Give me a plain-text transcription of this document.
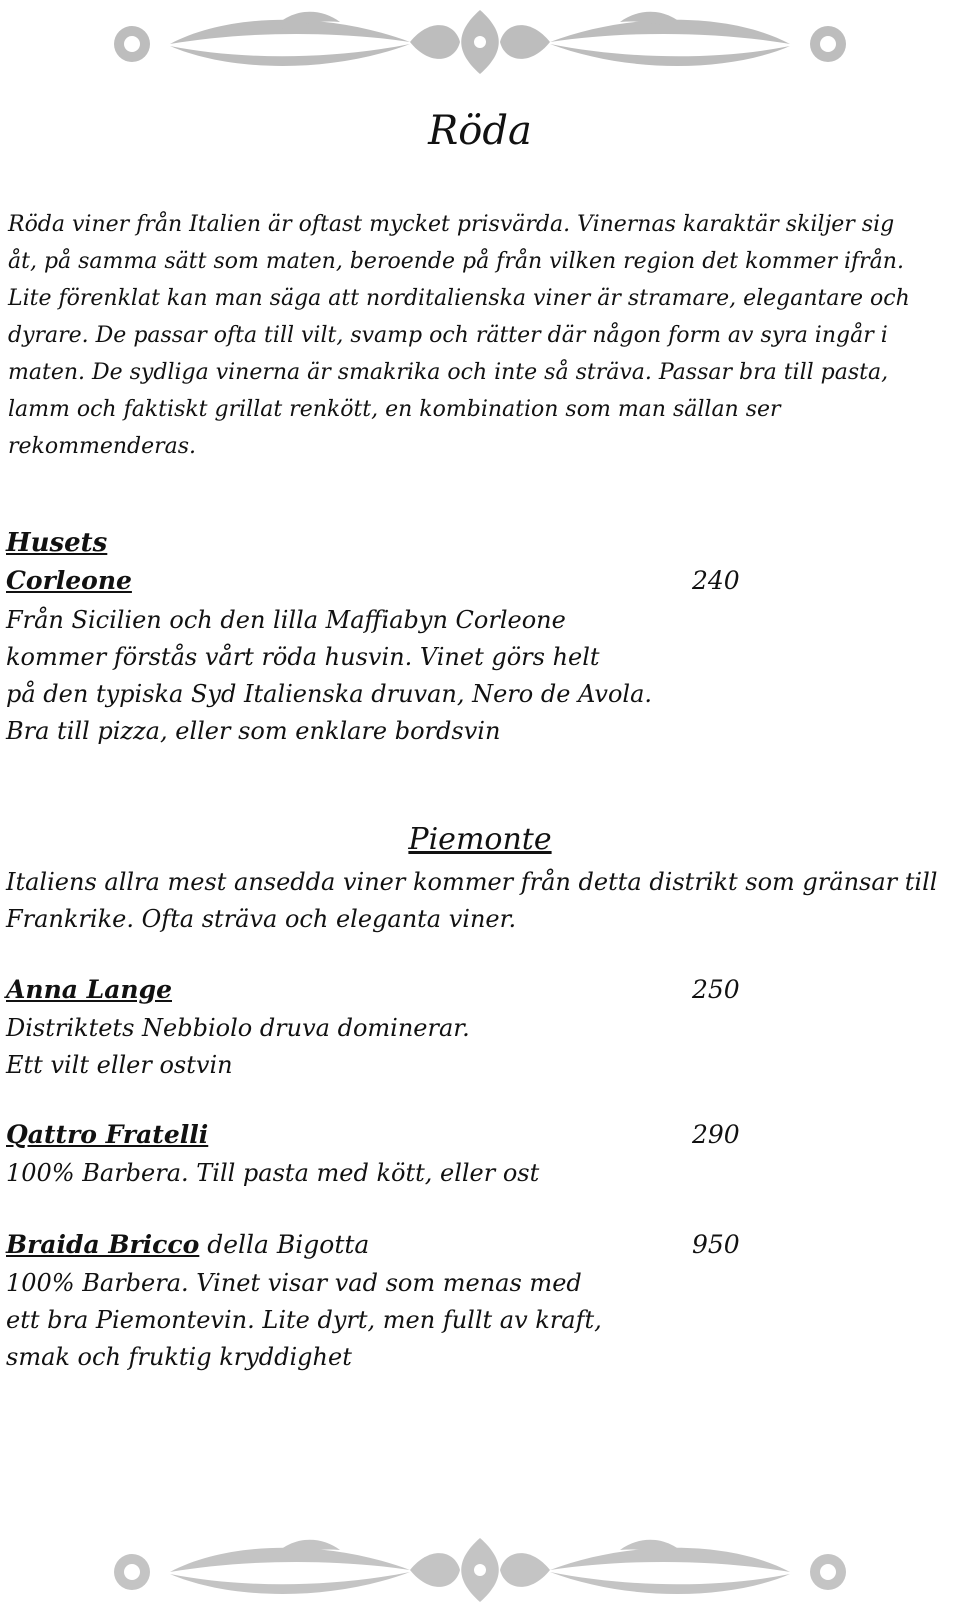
Röda

Röda viner från Italien är oftast mycket prisvärda. Vinernas karaktär skiljer sig
åt, på samma sätt som maten, beroende på från vilken region det kommer ifrån.
Lite förenklat kan man säga att norditalienska viner är stramare, elegantare och
dyrare. De passar ofta till vilt, svamp och rätter där någon form av syra ingår i
maten. De sydliga vinerna är smakrika och inte så sträva. Passar bra till pasta,
lamm och faktiskt grillat renkött, en kombination som man sällan ser
rekommenderas.

Husets

Corleone	240

Från Sicilien och den lilla Maffiabyn Corleone
kommer förstås vårt röda husvin. Vinet görs helt
på den typiska Syd Italienska druvan, Nero de Avola.
Bra till pizza, eller som enklare bordsvin

Piemonte

Italiens allra mest ansedda viner kommer från detta distrikt som gränsar till
Frankrike. Ofta sträva och eleganta viner.

Anna Lange	250

Distriktets Nebbiolo druva dominerar.
Ett vilt eller ostvin

Qattro Fratelli	290

100% Barbera. Till pasta med kött, eller ost

Braida Bricco della Bigotta	950

100% Barbera. Vinet visar vad som menas med
ett bra Piemontevin. Lite dyrt, men fullt av kraft,
smak och fruktig kryddighet
